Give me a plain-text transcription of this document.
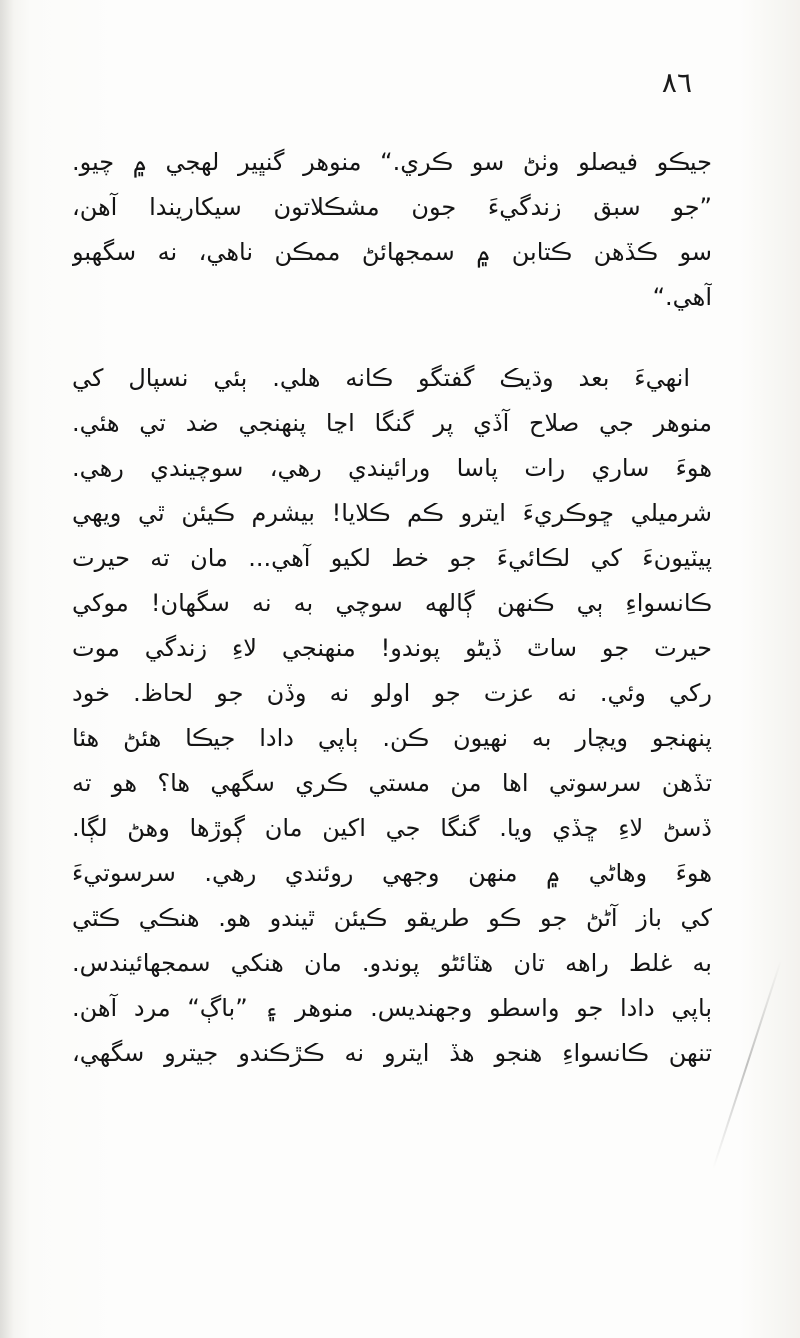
٨٦
جيڪو فيصلو وٺڻ سو ڪري.“ منوهر گنڀير لهجي ۾ چيو.
”جو سبق زندگيءَ جون مشڪلاتون سيکاريندا آهن،
سو ڪڏهن ڪتابن ۾ سمجهائڻ ممڪن ناهي، نه سگهبو
آهي.“
انهيءَ بعد وڌيڪ گفتگو ڪانه هلي. ٻئي نسپال کي
منوهر جي صلاح آڏي پر گنگا اڃا پنهنجي ضد تي هئي.
هوءَ ساري رات پاسا ورائيندي رهي، سوچيندي رهي.
شرميلي ڇوڪريءَ ايترو ڪم ڪلايا! بيشرم ڪيئن ٿي ويهي
پيٽيونءَ کي لڪائيءَ جو خط لکيو آهي... مان ته حيرت
ڪانسواءِ ٻي ڪنهن ڳالهه سوچي به نه سگهان! موکي
حيرت جو ساٿ ڏيڻو پوندو! منهنجي لاءِ زندگي موت
رکي وئي. نه عزت جو اولو نه وڏن جو لحاظ. خود
پنهنجو ويچار به نهيون ڪن. ٻاپي دادا جيڪا هئڻ هئا
تڏهن سرسوتي اها من مستي ڪري سگهي ها؟ هو ته
ڏسڻ لاءِ ڇڏي ويا. گنگا جي اکين مان ڳوڙها وهڻ لڳا.
هوءَ وهاڻي ۾ منهن وجهي روئندي رهي. سرسوتيءَ
کي باز آڻڻ جو ڪو طريقو ڪيئن ٿيندو هو. هنڪي ڪٿي
به غلط راهه تان هٽائڻو پوندو. مان هنکي سمجهائيندس.
ٻاپي دادا جو واسطو وجهنديس. منوهر ۽ ”باڳ“ مرد آهن.
تنهن ڪانسواءِ هنجو هڏ ايترو نه ڪڙڪندو جيترو سگهي،
